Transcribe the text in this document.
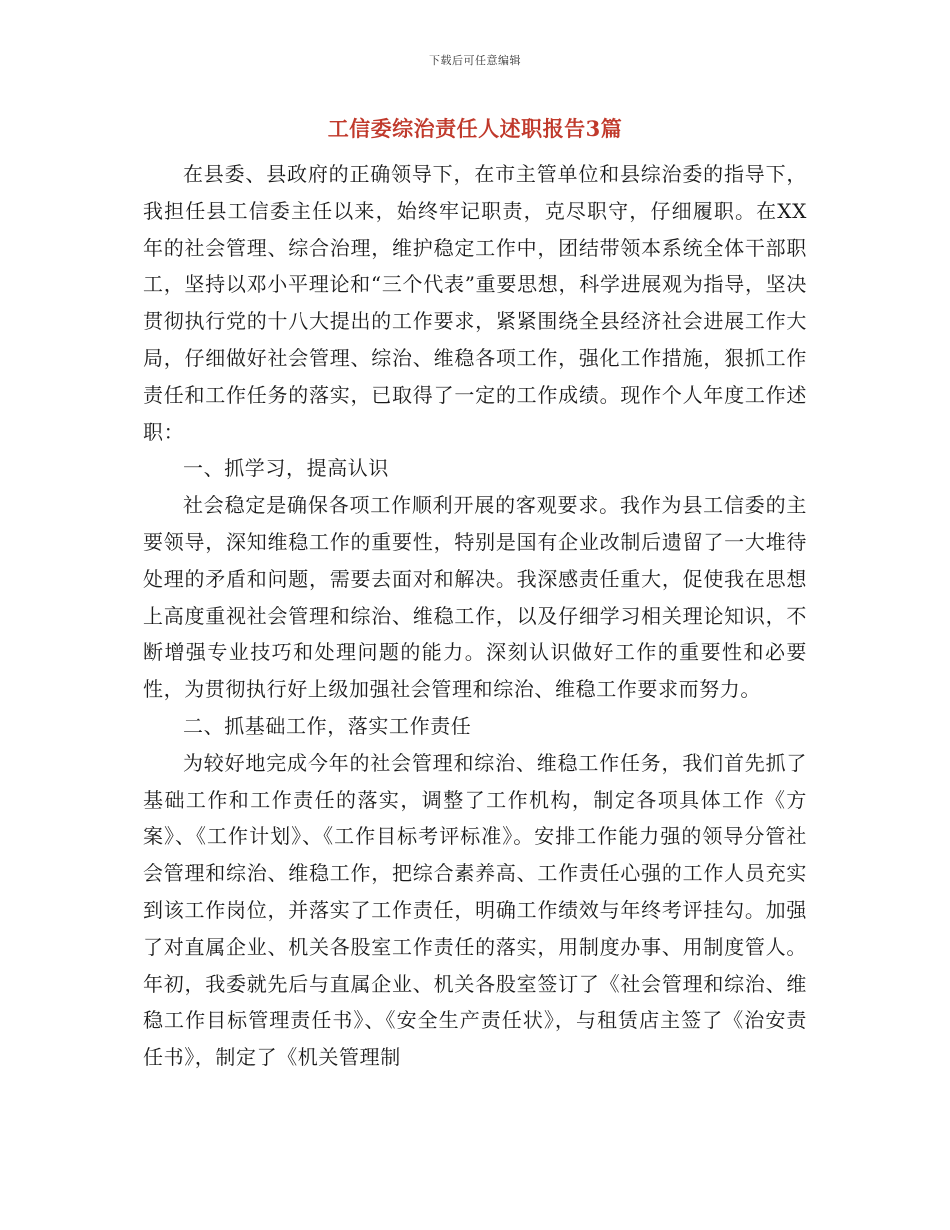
下载后可任意编辑
工信委综治责任人述职报告3篇

在县委、县政府的正确领导下，在市主管单位和县综治委的指导下，我担任县工信委主任以来，始终牢记职责，克尽职守，仔细履职。在XX年的社会管理、综合治理，维护稳定工作中，团结带领本系统全体干部职工，坚持以邓小平理论和“三个代表”重要思想，科学进展观为指导，坚决贯彻执行党的十八大提出的工作要求，紧紧围绕全县经济社会进展工作大局，仔细做好社会管理、综治、维稳各项工作，强化工作措施，狠抓工作责任和工作任务的落实，已取得了一定的工作成绩。现作个人年度工作述职：

一、抓学习，提高认识

社会稳定是确保各项工作顺利开展的客观要求。我作为县工信委的主要领导，深知维稳工作的重要性，特别是国有企业改制后遗留了一大堆待处理的矛盾和问题，需要去面对和解决。我深感责任重大，促使我在思想上高度重视社会管理和综治、维稳工作，以及仔细学习相关理论知识，不断增强专业技巧和处理问题的能力。深刻认识做好工作的重要性和必要性，为贯彻执行好上级加强社会管理和综治、维稳工作要求而努力。

二、抓基础工作，落实工作责任

为较好地完成今年的社会管理和综治、维稳工作任务，我们首先抓了基础工作和工作责任的落实，调整了工作机构，制定各项具体工作《方案》、《工作计划》、《工作目标考评标准》。安排工作能力强的领导分管社会管理和综治、维稳工作，把综合素养高、工作责任心强的工作人员充实到该工作岗位，并落实了工作责任，明确工作绩效与年终考评挂勾。加强了对直属企业、机关各股室工作责任的落实，用制度办事、用制度管人。年初，我委就先后与直属企业、机关各股室签订了《社会管理和综治、维稳工作目标管理责任书》、《安全生产责任状》，与租赁店主签了《治安责任书》，制定了《机关管理制
